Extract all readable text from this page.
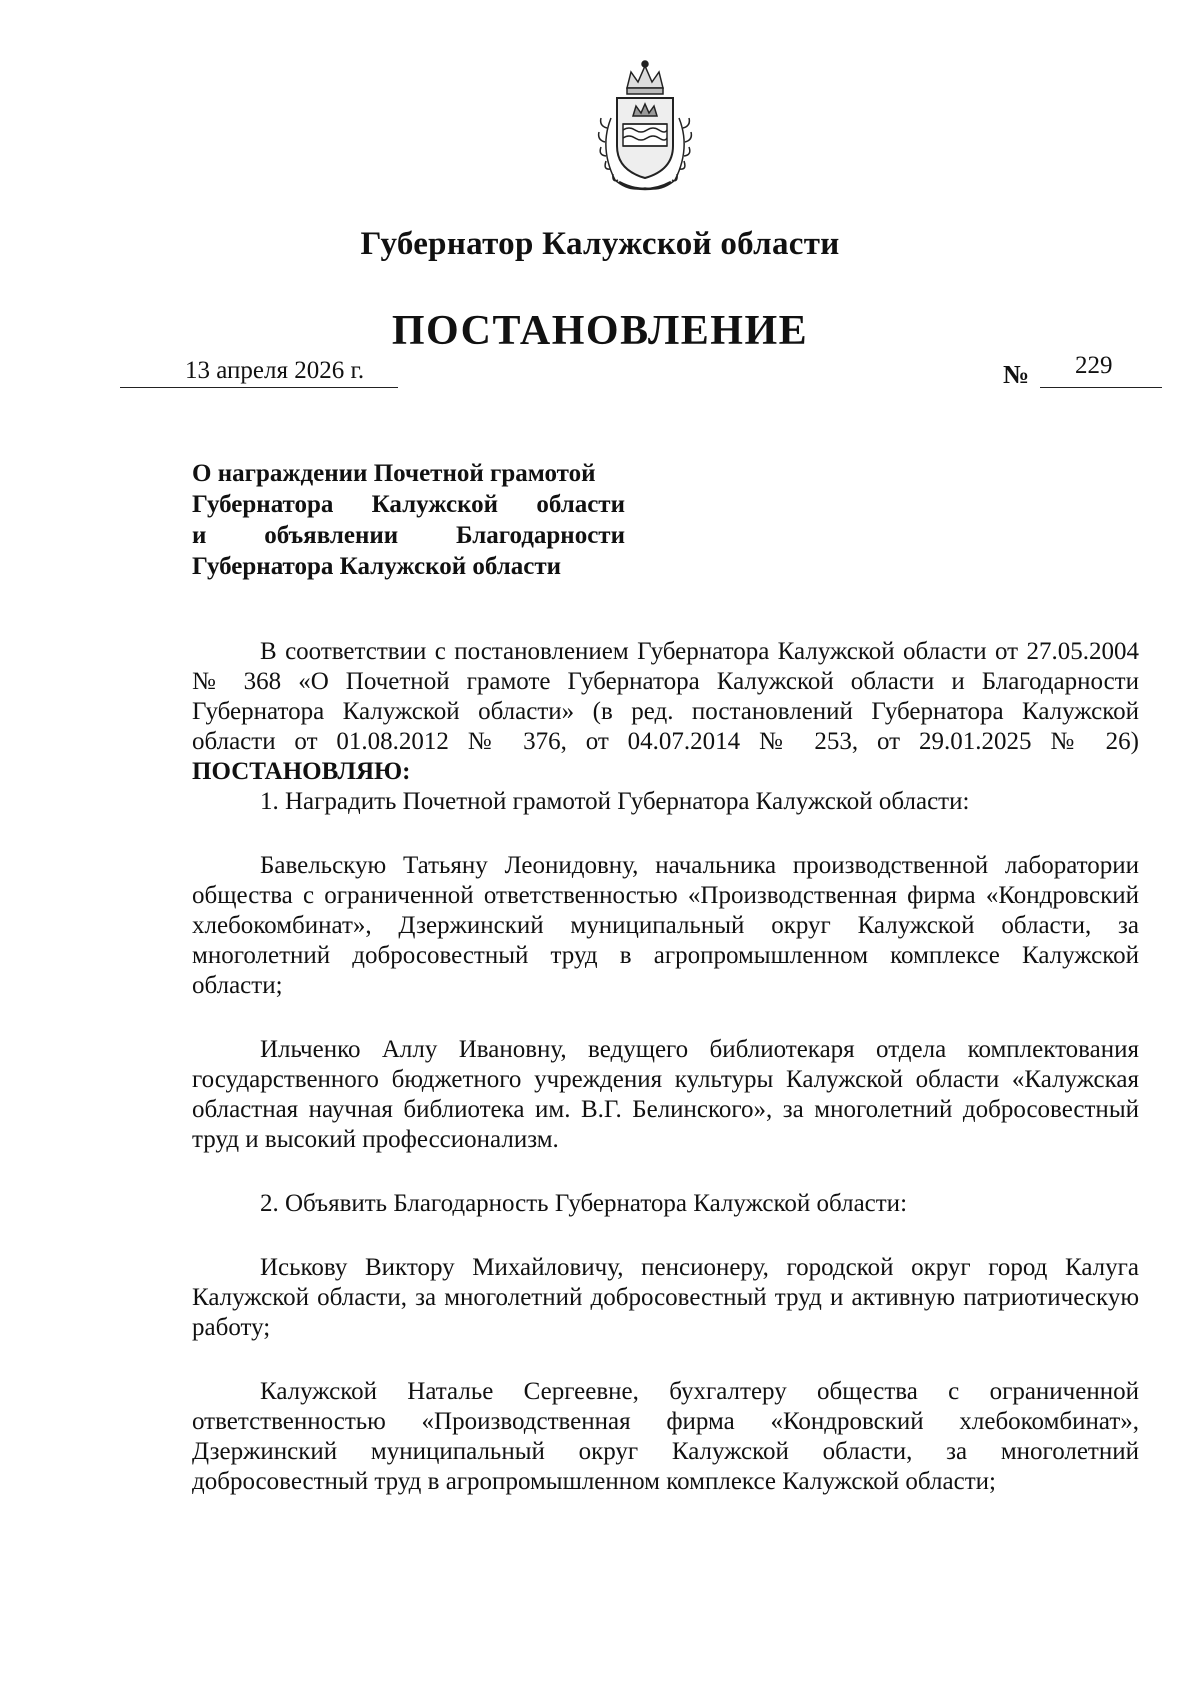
Губернатор Калужской области
ПОСТАНОВЛЕНИЕ
13 апреля 2026 г.	№ 229
О награждении Почетной грамотой
Губернатора Калужской области
и объявлении Благодарности
Губернатора Калужской области

В соответствии с постановлением Губернатора Калужской области от 27.05.2004 № 368 «О Почетной грамоте Губернатора Калужской области и Благодарности Губернатора Калужской области» (в ред. постановлений Губернатора Калужской области от 01.08.2012 № 376, от 04.07.2014 № 253, от 29.01.2025 № 26) ПОСТАНОВЛЯЮ:

1. Наградить Почетной грамотой Губернатора Калужской области:

Бавельскую Татьяну Леонидовну, начальника производственной лаборатории общества с ограниченной ответственностью «Производственная фирма «Кондровский хлебокомбинат», Дзержинский муниципальный округ Калужской области, за многолетний добросовестный труд в агропромышленном комплексе Калужской области;

Ильченко Аллу Ивановну, ведущего библиотекаря отдела комплектования государственного бюджетного учреждения культуры Калужской области «Калужская областная научная библиотека им. В.Г. Белинского», за многолетний добросовестный труд и высокий профессионализм.

2. Объявить Благодарность Губернатора Калужской области:

Иськову Виктору Михайловичу, пенсионеру, городской округ город Калуга Калужской области, за многолетний добросовестный труд и активную патриотическую работу;

Калужской Наталье Сергеевне, бухгалтеру общества с ограниченной ответственностью «Производственная фирма «Кондровский хлебокомбинат», Дзержинский муниципальный округ Калужской области, за многолетний добросовестный труд в агропромышленном комплексе Калужской области;
